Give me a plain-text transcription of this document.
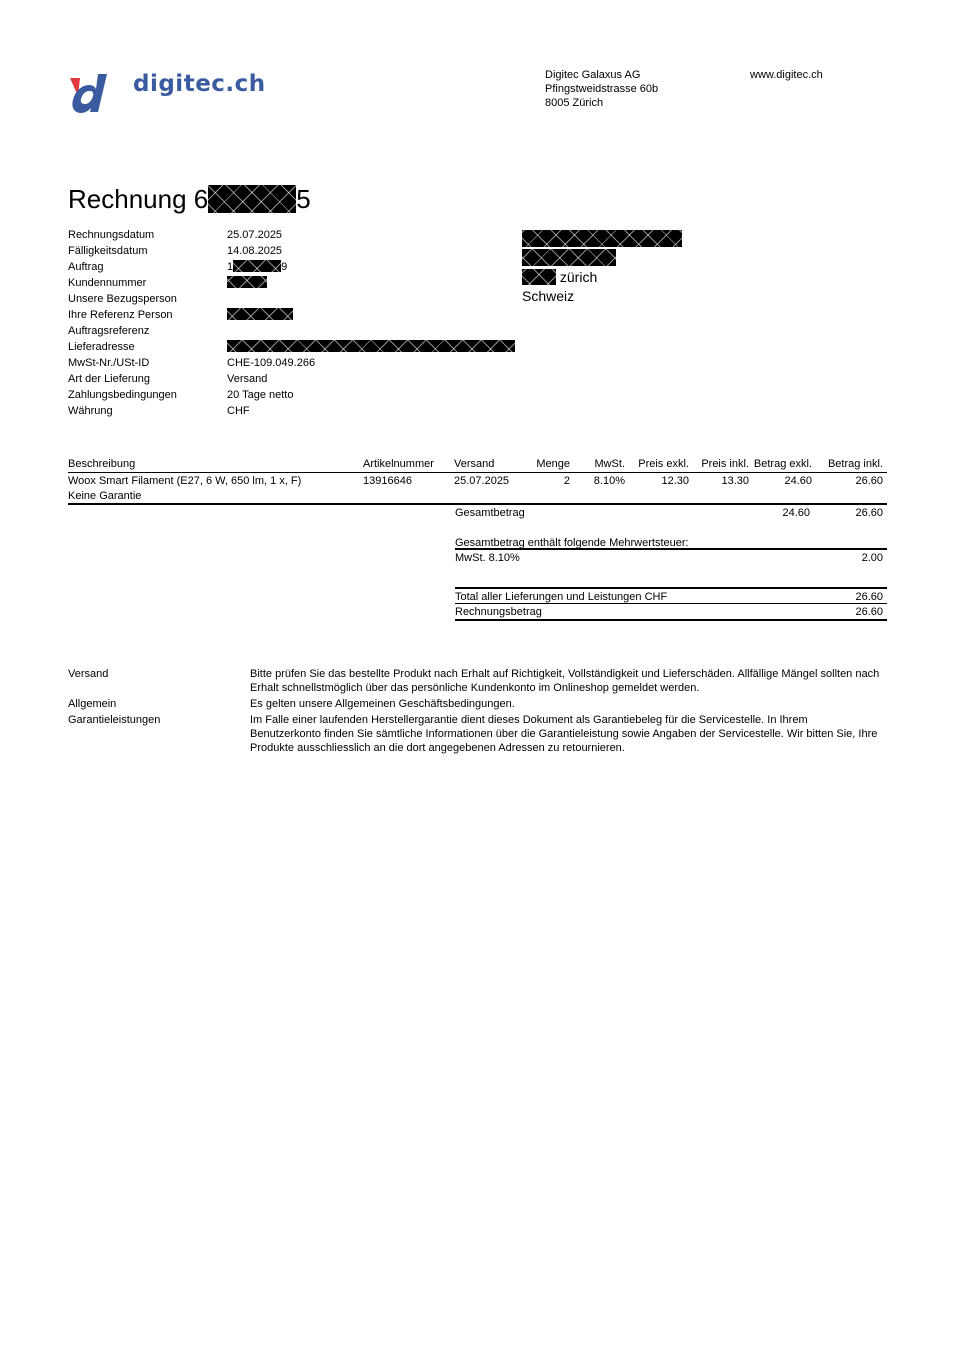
digitec.ch	Digitec Galaxus AG
Pfingstweidstrasse 60b
8005 Zürich
www.digitec.ch
Rechnung 6	5
Rechnungsdatum	25.07.2025
Fälligkeitsdatum	14.08.2025
Auftrag	1	9
Kundennummer
Unsere Bezugsperson
Ihre Referenz Person
Auftragsreferenz
Lieferadresse
MwSt-Nr./USt-ID	CHE-109.049.266
Art der Lieferung	Versand
Zahlungsbedingungen	20 Tage netto
Währung	CHF
zürich
Schweiz
Beschreibung	Artikelnummer	Versand	Menge	MwSt.	Preis exkl.	Preis inkl.	Betrag exkl.	Betrag inkl.
Woox Smart Filament (E27, 6 W, 650 lm, 1 x, F)	13916646	25.07.2025	2	8.10%	12.30	13.30	24.60	26.60
Keine Garantie								
Gesamtbetrag	24.60	26.60
Gesamtbetrag enthält folgende Mehrwertsteuer:
MwSt. 8.10%	2.00
Total aller Lieferungen und Leistungen CHF	26.60
Rechnungsbetrag	26.60
Versand	Bitte prüfen Sie das bestellte Produkt nach Erhalt auf Richtigkeit, Vollständigkeit und Lieferschäden. Allfällige Mängel sollten nach Erhalt schnellstmöglich über das persönliche Kundenkonto im Onlineshop gemeldet werden.
Allgemein	Es gelten unsere Allgemeinen Geschäftsbedingungen.
Garantieleistungen	Im Falle einer laufenden Herstellergarantie dient dieses Dokument als Garantiebeleg für die Servicestelle. In Ihrem Benutzerkonto finden Sie sämtliche Informationen über die Garantieleistung sowie Angaben der Servicestelle. Wir bitten Sie, Ihre Produkte ausschliesslich an die dort angegebenen Adressen zu retournieren.
